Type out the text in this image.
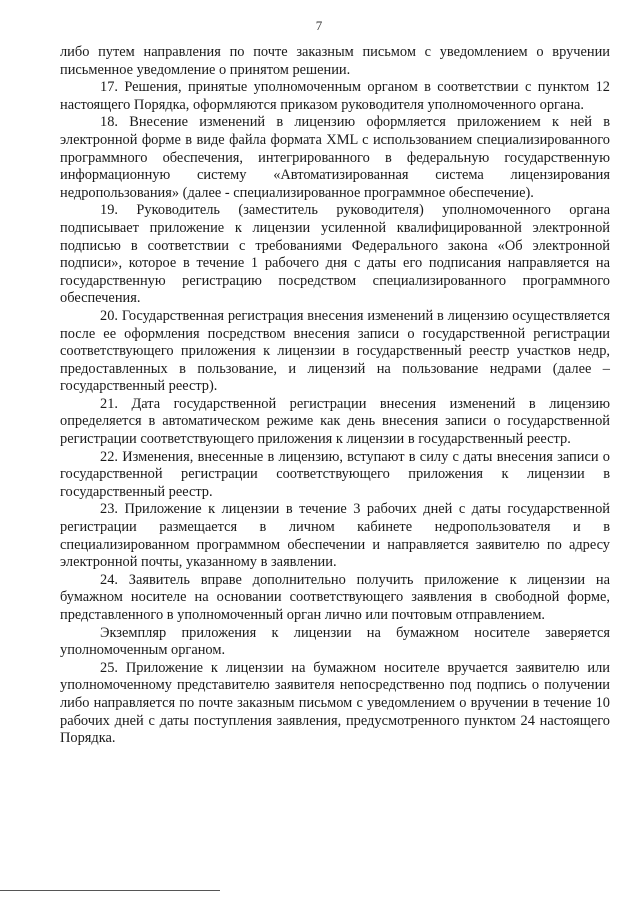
7

либо путем направления по почте заказным письмом с уведомлением о вручении письменное уведомление о принятом решении.

17. Решения, принятые уполномоченным органом в соответствии с пунктом 12 настоящего Порядка, оформляются приказом руководителя уполномоченного органа.

18. Внесение изменений в лицензию оформляется приложением к ней в электронной форме в виде файла формата XML с использованием специализированного программного обеспечения, интегрированного в федеральную государственную информационную систему «Автоматизированная система лицензирования недропользования» (далее - специализированное программное обеспечение).

19. Руководитель (заместитель руководителя) уполномоченного органа подписывает приложение к лицензии усиленной квалифицированной электронной подписью в соответствии с требованиями Федерального закона «Об электронной подписи», которое в течение 1 рабочего дня с даты его подписания направляется на государственную регистрацию посредством специализированного программного обеспечения.

20. Государственная регистрация внесения изменений в лицензию осуществляется после ее оформления посредством внесения записи о государственной регистрации соответствующего приложения к лицензии в государственный реестр участков недр, предоставленных в пользование, и лицензий на пользование недрами (далее – государственный реестр).

21. Дата государственной регистрации внесения изменений в лицензию определяется в автоматическом режиме как день внесения записи о государственной регистрации соответствующего приложения к лицензии в государственный реестр.

22. Изменения, внесенные в лицензию, вступают в силу с даты внесения записи о государственной регистрации соответствующего приложения к лицензии в государственный реестр.

23. Приложение к лицензии в течение 3 рабочих дней с даты государственной регистрации размещается в личном кабинете недропользователя и в специализированном программном обеспечении и направляется заявителю по адресу электронной почты, указанному в заявлении.

24. Заявитель вправе дополнительно получить приложение к лицензии на бумажном носителе на основании соответствующего заявления в свободной форме, представленного в уполномоченный орган лично или почтовым отправлением.

Экземпляр приложения к лицензии на бумажном носителе заверяется уполномоченным органом.

25. Приложение к лицензии на бумажном носителе вручается заявителю или уполномоченному представителю заявителя непосредственно под подпись о получении либо направляется по почте заказным письмом с уведомлением о вручении в течение 10 рабочих дней с даты поступления заявления, предусмотренного пунктом 24 настоящего Порядка.
